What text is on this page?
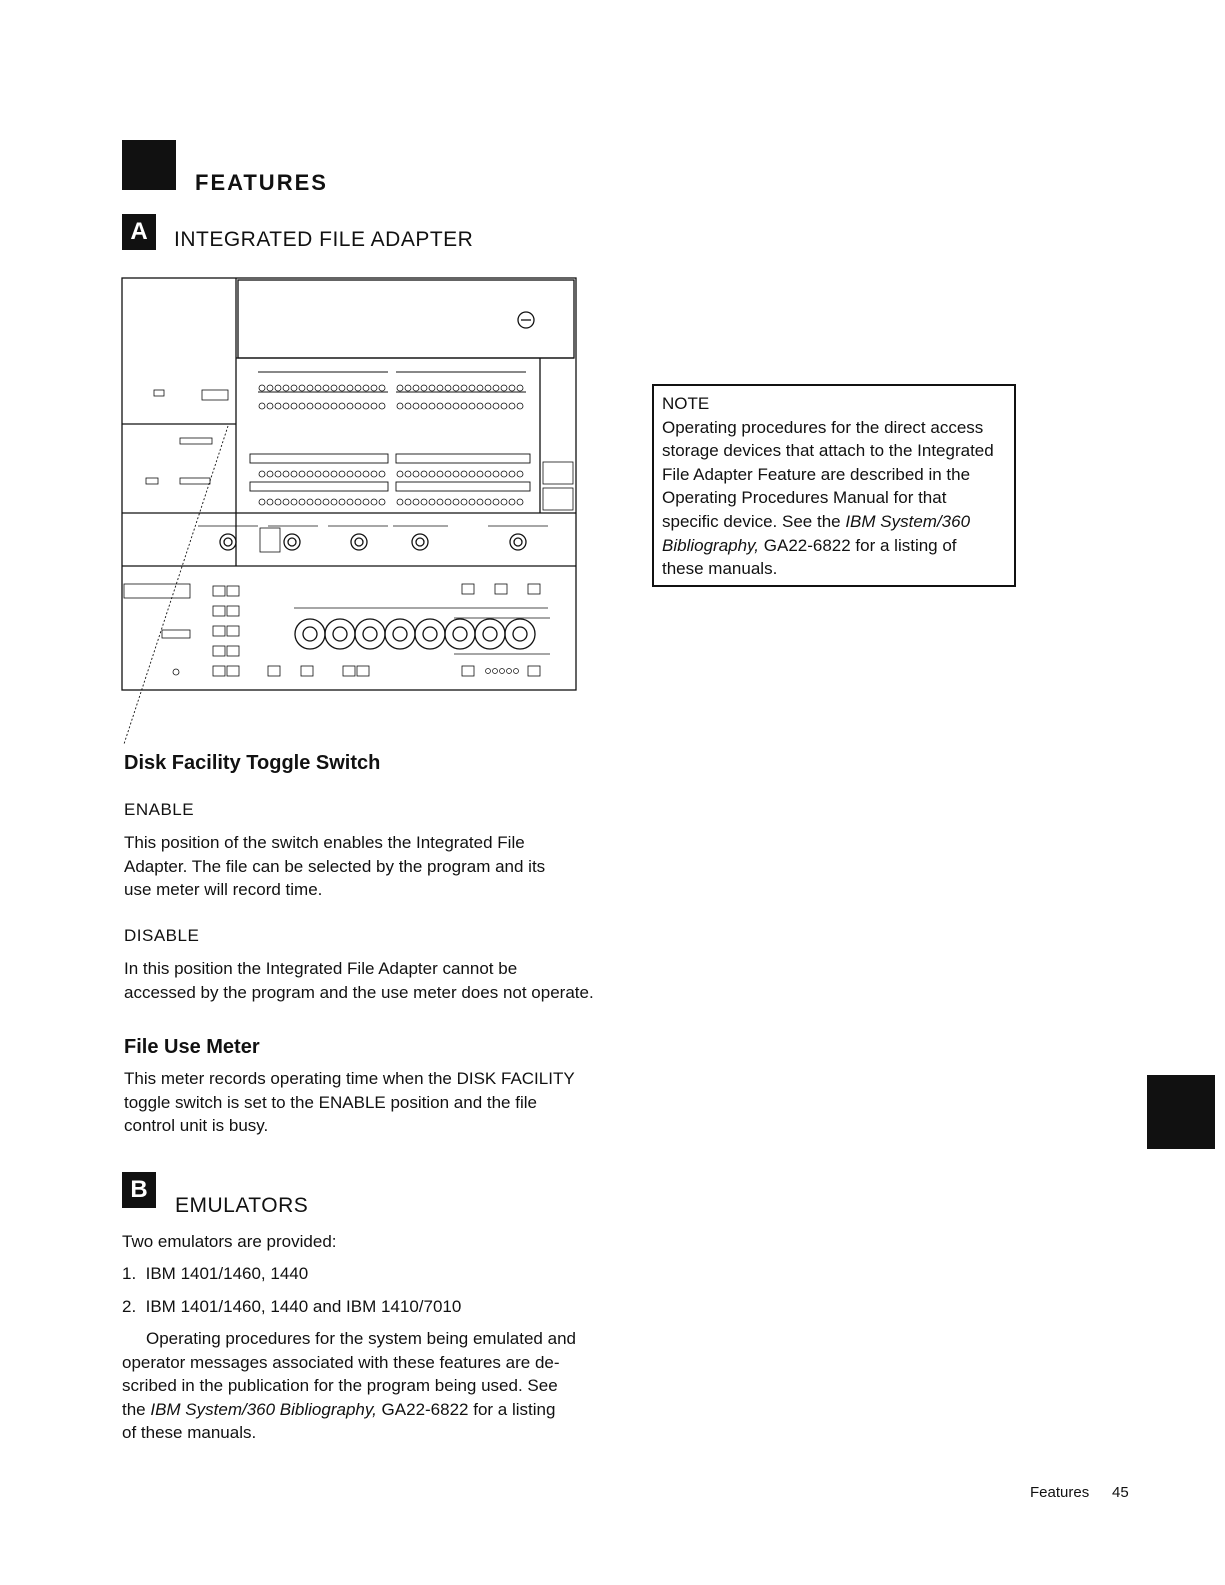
FEATURES
A	INTEGRATED FILE ADAPTER
Disk Facility Toggle Switch
ENABLE
This position of the switch enables the Integrated File
Adapter. The file can be selected by the program and its
use meter will record time.
DISABLE
In this position the Integrated File Adapter cannot be
accessed by the program and the use meter does not operate.
File Use Meter
This meter records operating time when the DISK FACILITY
toggle switch is set to the ENABLE position and the file
control unit is busy.
NOTE
Operating procedures for the direct access
storage devices that attach to the Integrated
File Adapter Feature are described in the
Operating Procedures Manual for that
specific device. See the IBM System/360
Bibliography, GA22-6822 for a listing of
these manuals.
B
EMULATORS
Two emulators are provided:
1.  IBM 1401/1460, 1440
2.  IBM 1401/1460, 1440 and IBM 1410/7010
Operating procedures for the system being emulated and
operator messages associated with these features are de-
scribed in the publication for the program being used. See
the IBM System/360 Bibliography, GA22-6822 for a listing
of these manuals.
Features 45
